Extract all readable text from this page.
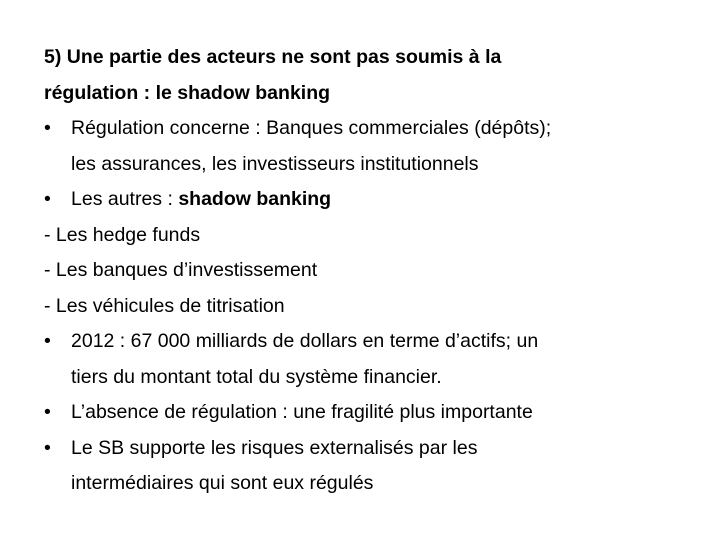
5) Une partie des acteurs ne sont pas soumis à la
régulation : le shadow banking
• Régulation concerne : Banques commerciales (dépôts);
les assurances, les investisseurs institutionnels
• Les autres : shadow banking
- Les hedge funds
- Les banques d’investissement
- Les véhicules de titrisation
• 2012 : 67 000 milliards de dollars en terme d’actifs; un
tiers du montant total du système financier.
• L’absence de régulation : une fragilité plus importante
• Le SB supporte les risques externalisés par les
intermédiaires qui sont eux régulés
